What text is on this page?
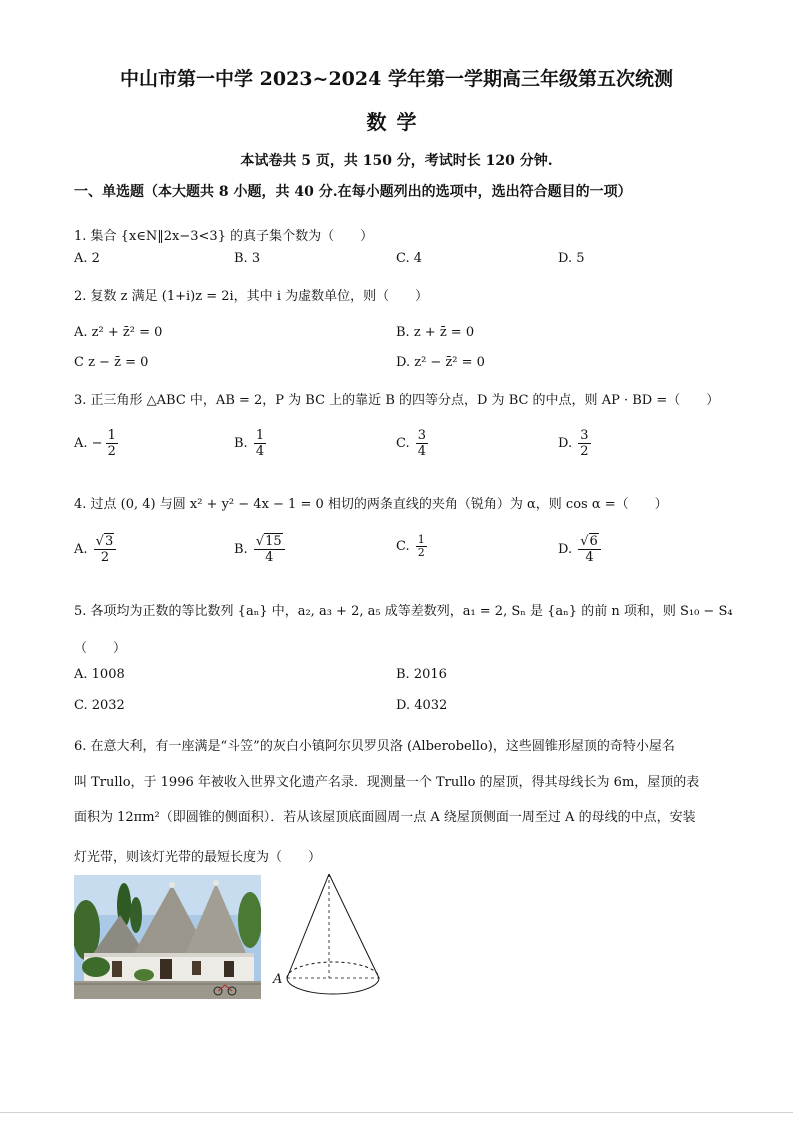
中山市第一中学 2023~2024 学年第一学期高三年级第五次统测
数学
本试卷共 5 页，共 150 分，考试时长 120 分钟.
一、单选题（本大题共 8 小题，共 40 分.在每小题列出的选项中，选出符合题目的一项）
1. 集合 {x∈N‖2x−3<3} 的真子集个数为（　　）
A. 2	B. 3	C. 4	D. 5
2. 复数 z 满足 (1+i)z = 2i，其中 i 为虚数单位，则（　　）
A. z² + z̄² = 0	B. z + z̄ = 0
C z − z̄ = 0	D. z² − z̄² = 0
3. 正三角形 △ABC 中，AB = 2，P 为 BC 上的靠近 B 的四等分点，D 为 BC 的中点，则 AP · BD =（　　）
A. − $\frac{1}{2}$	B. $\frac{1}{4}$	C. $\frac{3}{4}$	D. $\frac{3}{2}$
4. 过点 (0, 4) 与圆 x² + y² − 4x − 1 = 0 相切的两条直线的夹角（锐角）为 α，则 cos α =（　　）
A. $\frac{√3}{2}$	B. $\frac{√15}{4}$	C. $\frac{1}{2}$	D. $\frac{√6}{4}$
5. 各项均为正数的等比数列 {aₙ} 中，a₂, a₃ + 2, a₅ 成等差数列，a₁ = 2, Sₙ 是 {aₙ} 的前 n 项和，则 S₁₀ − S₄
（　　）
A. 1008	B. 2016
C. 2032	D. 4032
6. 在意大利，有一座满是“斗笠”的灰白小镇阿尔贝罗贝洛 (Alberobello)，这些圆锥形屋顶的奇特小屋名
叫 Trullo，于 1996 年被收入世界文化遗产名录．现测量一个 Trullo 的屋顶，得其母线长为 6m，屋顶的表
面积为 12πm²（即圆锥的侧面积）．若从该屋顶底面圆周一点 A 绕屋顶侧面一周至过 A 的母线的中点，安装
灯光带，则该灯光带的最短长度为（　　）
A
